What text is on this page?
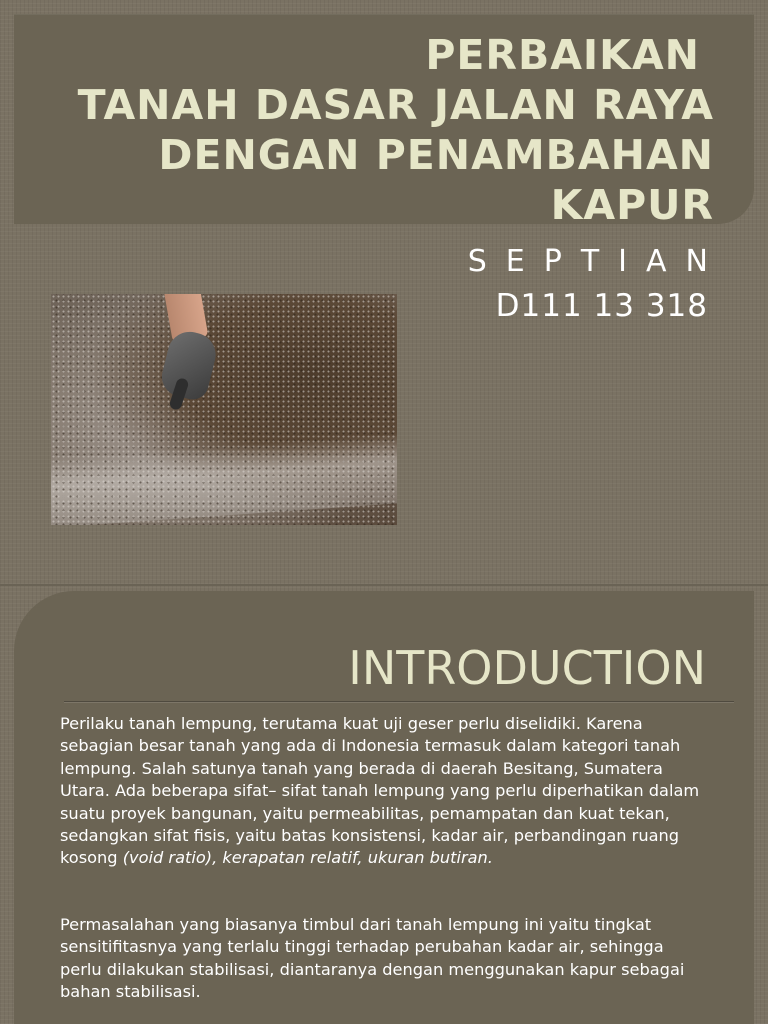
PERBAIKAN
TANAH DASAR JALAN RAYA
DENGAN PENAMBAHAN
KAPUR
SEPTIAN
D111 13 318
INTRODUCTION

Perilaku tanah lempung, terutama kuat uji geser perlu diselidiki. Karena sebagian besar tanah yang ada di Indonesia termasuk dalam kategori tanah lempung. Salah satunya tanah yang berada di daerah Besitang, Sumatera Utara. Ada beberapa sifat– sifat tanah lempung yang perlu diperhatikan dalam suatu proyek bangunan, yaitu permeabilitas, pemampatan dan kuat tekan, sedangkan sifat fisis, yaitu batas konsistensi, kadar air, perbandingan ruang kosong (void ratio), kerapatan relatif, ukuran butiran.

Permasalahan yang biasanya timbul dari tanah lempung ini yaitu tingkat sensitifitasnya yang terlalu tinggi terhadap perubahan kadar air, sehingga perlu dilakukan stabilisasi, diantaranya dengan menggunakan kapur sebagai bahan stabilisasi.
